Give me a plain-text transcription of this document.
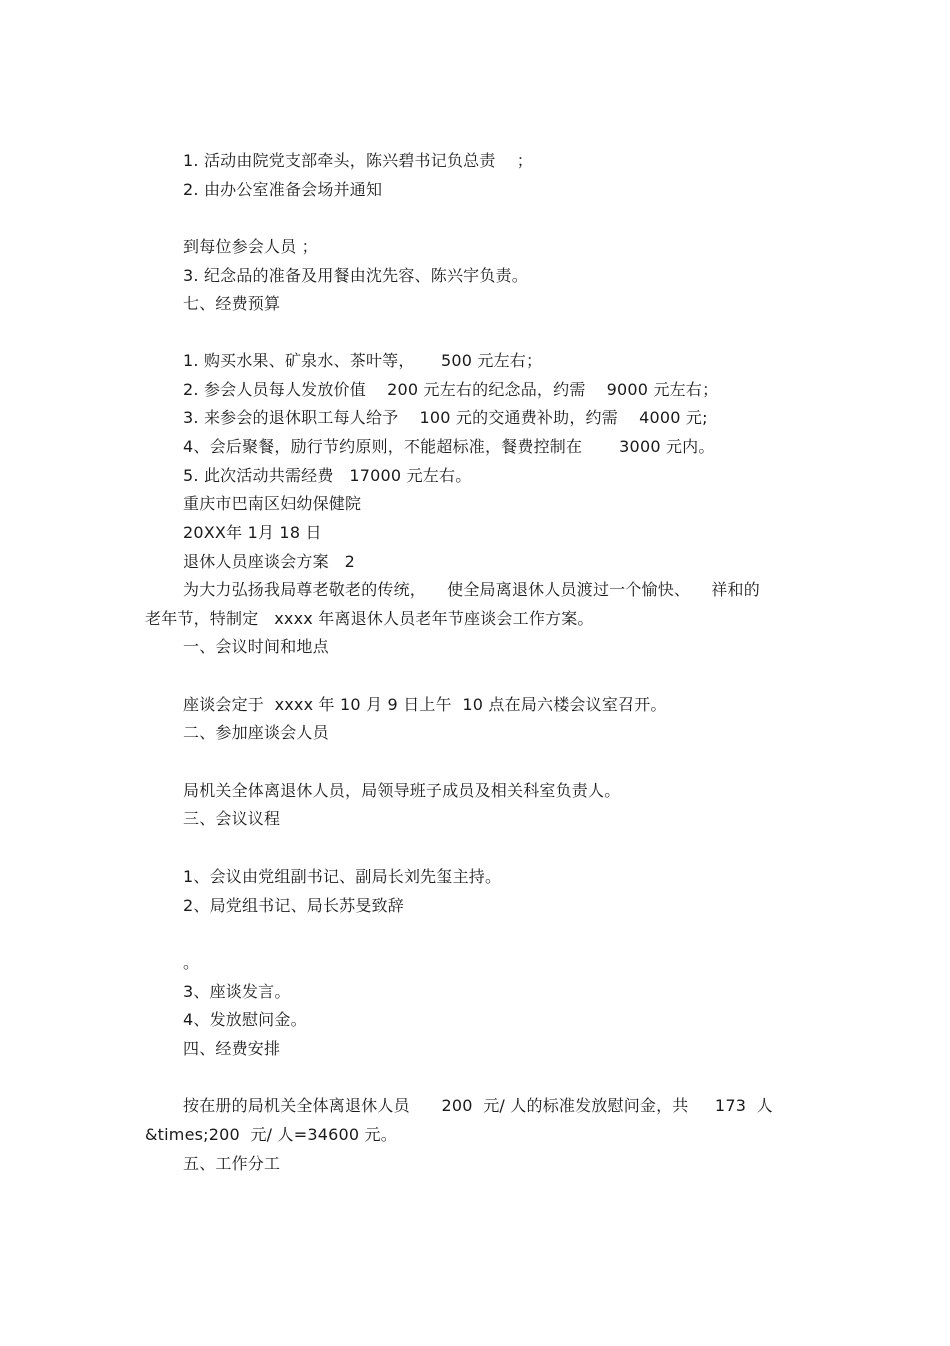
1. 活动由院党支部牵头，陈兴碧书记负总责    ；
2. 由办公室准备会场并通知
到每位参会人员 ；
3. 纪念品的准备及用餐由沈先容、陈兴宇负责。
七、经费预算
1. 购买水果、矿泉水、茶叶等，     500 元左右；
2. 参会人员每人发放价值    200 元左右的纪念品，约需    9000 元左右；
3. 来参会的退休职工每人给予    100 元的交通费补助，约需    4000 元;
4、会后聚餐，励行节约原则，不能超标准，餐费控制在       3000 元内。
5. 此次活动共需经费   17000 元左右。
重庆市巴南区妇幼保健院
20XX年 1月 18 日
退休人员座谈会方案   2
为大力弘扬我局尊老敬老的传统，    使全局离退休人员渡过一个愉快、    祥和的
老年节，特制定   xxxx 年离退休人员老年节座谈会工作方案。
一、会议时间和地点
座谈会定于  xxxx 年 10 月 9 日上午  10 点在局六楼会议室召开。
二、参加座谈会人员
局机关全体离退休人员，局领导班子成员及相关科室负责人。
三、会议议程
1、会议由党组副书记、副局长刘先玺主持。
2、局党组书记、局长苏旻致辞
。
3、座谈发言。
4、发放慰问金。
四、经费安排
按在册的局机关全体离退休人员      200  元/ 人的标准发放慰问金，共     173  人
&times;200  元/ 人=34600 元。
五、工作分工
